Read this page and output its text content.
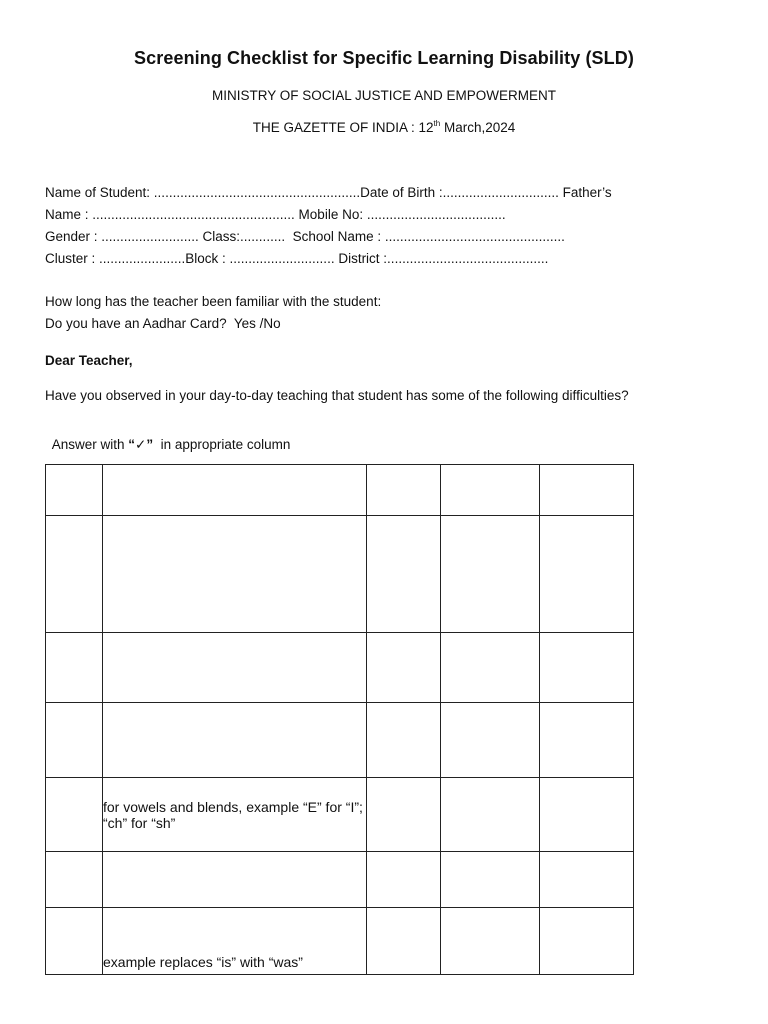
Screening Checklist for Specific Learning Disability (SLD)
MINISTRY OF SOCIAL JUSTICE AND EMPOWERMENT
THE GAZETTE OF INDIA : 12th March,2024
Name of Student: .......................................................Date of Birth :............................... Father’s
Name : ...................................................... Mobile No: .....................................
Gender : .......................... Class:............  School Name : ................................................
Cluster : .......................Block : ............................ District :...........................................
How long has the teacher been familiar with the student:
Do you have an Aadhar Card?  Yes /No
Dear Teacher,
Have you observed in your day-to-day teaching that student has some of the following difficulties?

Answer with “✓”  in appropriate column

	for vowels and blends, example “E” for “I”; “ch” for “sh”			

	example replaces “is” with “was”			
